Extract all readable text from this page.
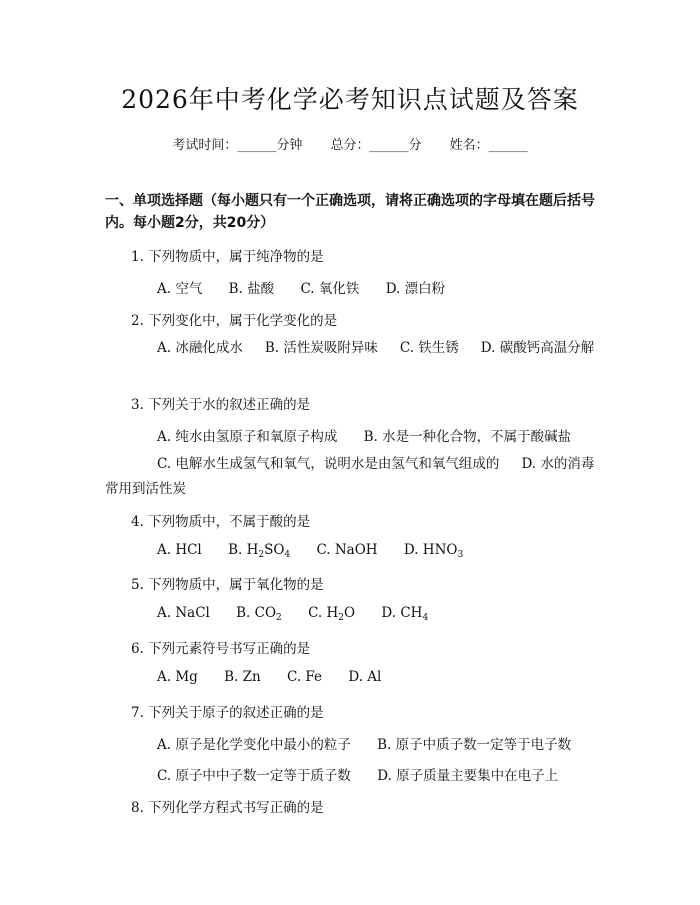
2026年中考化学必考知识点试题及答案
考试时间：______分钟 总分：______分 姓名：______
一、单项选择题（每小题只有一个正确选项，请将正确选项的字母填在题后括号内。每小题2分，共20分）
1. 下列物质中，属于纯净物的是
A. 空气 B. 盐酸 C. 氧化铁 D. 漂白粉
2. 下列变化中，属于化学变化的是
A. 冰融化成水 B. 活性炭吸附异味 C. 铁生锈 D. 碳酸钙高温分解
3. 下列关于水的叙述正确的是
A. 纯水由氢原子和氧原子构成 B. 水是一种化合物，不属于酸碱盐
C. 电解水生成氢气和氧气，说明水是由氢气和氧气组成的 D. 水的消毒常用到活性炭
4. 下列物质中，不属于酸的是
A. HCl B. $H_2SO_4$ C. NaOH D. $HNO_3$
5. 下列物质中，属于氧化物的是
A. NaCl B. $CO_2$ C. $H_2O$ D. $CH_4$
6. 下列元素符号书写正确的是
A. Mg B. Zn C. Fe D. Al
7. 下列关于原子的叙述正确的是
A. 原子是化学变化中最小的粒子 B. 原子中质子数一定等于电子数
C. 原子中中子数一定等于质子数 D. 原子质量主要集中在电子上
8. 下列化学方程式书写正确的是
